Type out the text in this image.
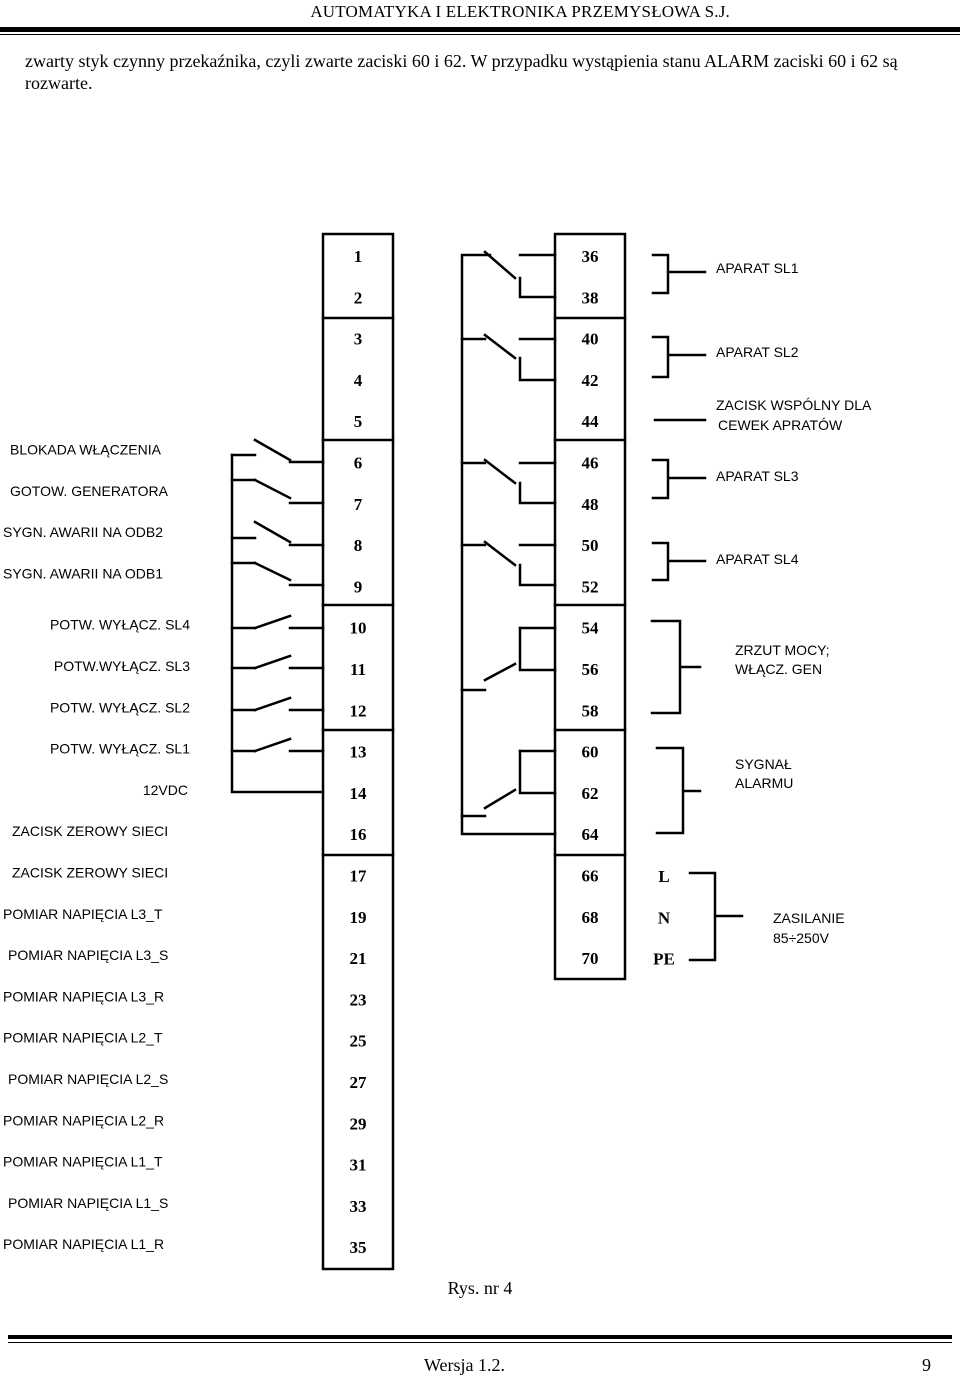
AUTOMATYKA I ELEKTRONIKA PRZEMYSŁOWA S.J.
zwarty styk czynny przekaźnika, czyli zwarte zaciski 60 i 62. W przypadku wystąpienia stanu ALARM zaciski 60 i 62 są rozwarte.
1
2
3
4
5
6
7
8
9
10
11
12
13
14
16
17
19
21
23
25
27
29
31
33
35
36
38
40
42
44
46
48
50
52
54
56
58
60
62
64
66
68
70
L
N
PE
BLOKADA WŁĄCZENIA
GOTOW. GENERATORA
SYGN. AWARII NA ODB2
SYGN. AWARII NA ODB1
POTW. WYŁĄCZ. SL4
POTW.WYŁĄCZ. SL3
POTW. WYŁĄCZ. SL2
POTW. WYŁĄCZ. SL1
12VDC
ZACISK ZEROWY SIECI
ZACISK ZEROWY SIECI
POMIAR NAPIĘCIA L3_T
POMIAR NAPIĘCIA L3_S
POMIAR NAPIĘCIA L3_R
POMIAR NAPIĘCIA L2_T
POMIAR NAPIĘCIA L2_S
POMIAR NAPIĘCIA L2_R
POMIAR NAPIĘCIA L1_T
POMIAR NAPIĘCIA L1_S
POMIAR NAPIĘCIA L1_R
APARAT SL1
APARAT SL2
ZACISK WSPÓLNY DLA
CEWEK APRATÓW
APARAT SL3
APARAT SL4
ZRZUT MOCY;
WŁĄCZ. GEN
SYGNAŁ
ALARMU
ZASILANIE
85÷250V
Rys. nr 4
Wersja 1.2.	9
